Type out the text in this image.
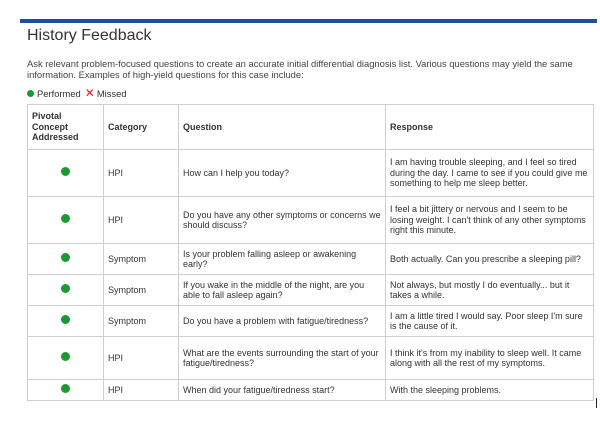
History Feedback
Ask relevant problem-focused questions to create an accurate initial differential diagnosis list. Various questions may yield the same information. Examples of high-yield questions for this case include:
Performed ✕ Missed
Pivotal Concept Addressed	Category	Question	Response
	HPI	How can I help you today?	I am having trouble sleeping, and I feel so tired during the day. I came to see if you could give me something to help me sleep better.
	HPI	Do you have any other symptoms or concerns we should discuss?	I feel a bit jittery or nervous and I seem to be losing weight. I can't think of any other symptoms right this minute.
	Symptom	Is your problem falling asleep or awakening early?	Both actually. Can you prescribe a sleeping pill?
	Symptom	If you wake in the middle of the night, are you able to fall asleep again?	Not always, but mostly I do eventually... but it takes a while.
	Symptom	Do you have a problem with fatigue/tiredness?	I am a little tired I would say. Poor sleep I'm sure is the cause of it.
	HPI	What are the events surrounding the start of your fatigue/tiredness?	I think it's from my inability to sleep well. It came along with all the rest of my symptoms.
	HPI	When did your fatigue/tiredness start?	With the sleeping problems.
